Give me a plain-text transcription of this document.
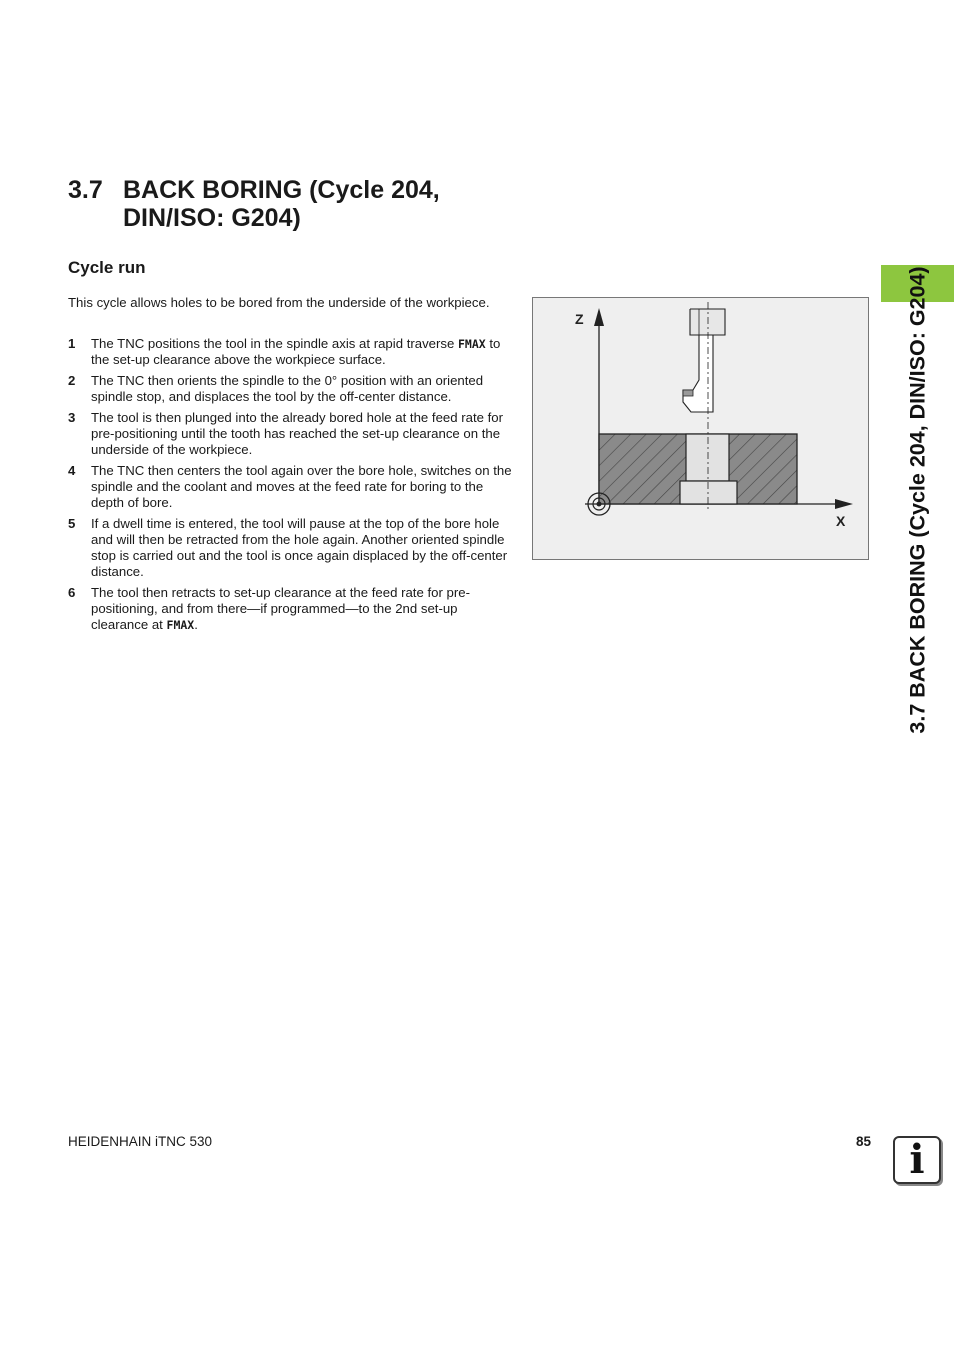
3.7 BACK BORING (Cycle 204,
DIN/ISO: G204)
Cycle run

This cycle allows holes to be bored from the underside of the workpiece.

1 The TNC positions the tool in the spindle axis at rapid traverse FMAX to the set-up clearance above the workpiece surface.
2 The TNC then orients the spindle to the 0° position with an oriented spindle stop, and displaces the tool by the off-center distance.
3 The tool is then plunged into the already bored hole at the feed rate for pre-positioning until the tooth has reached the set-up clearance on the underside of the workpiece.
4 The TNC then centers the tool again over the bore hole, switches on the spindle and the coolant and moves at the feed rate for boring to the depth of bore.
5 If a dwell time is entered, the tool will pause at the top of the bore hole and will then be retracted from the hole again. Another oriented spindle stop is carried out and the tool is once again displaced by the off-center distance.
6 The tool then retracts to set-up clearance at the feed rate for pre-positioning, and from there—if programmed—to the 2nd set-up clearance at FMAX.
Z
X	3.7 BACK BORING (Cycle 204, DIN/ISO: G204)

HEIDENHAIN iTNC 530	85 i
